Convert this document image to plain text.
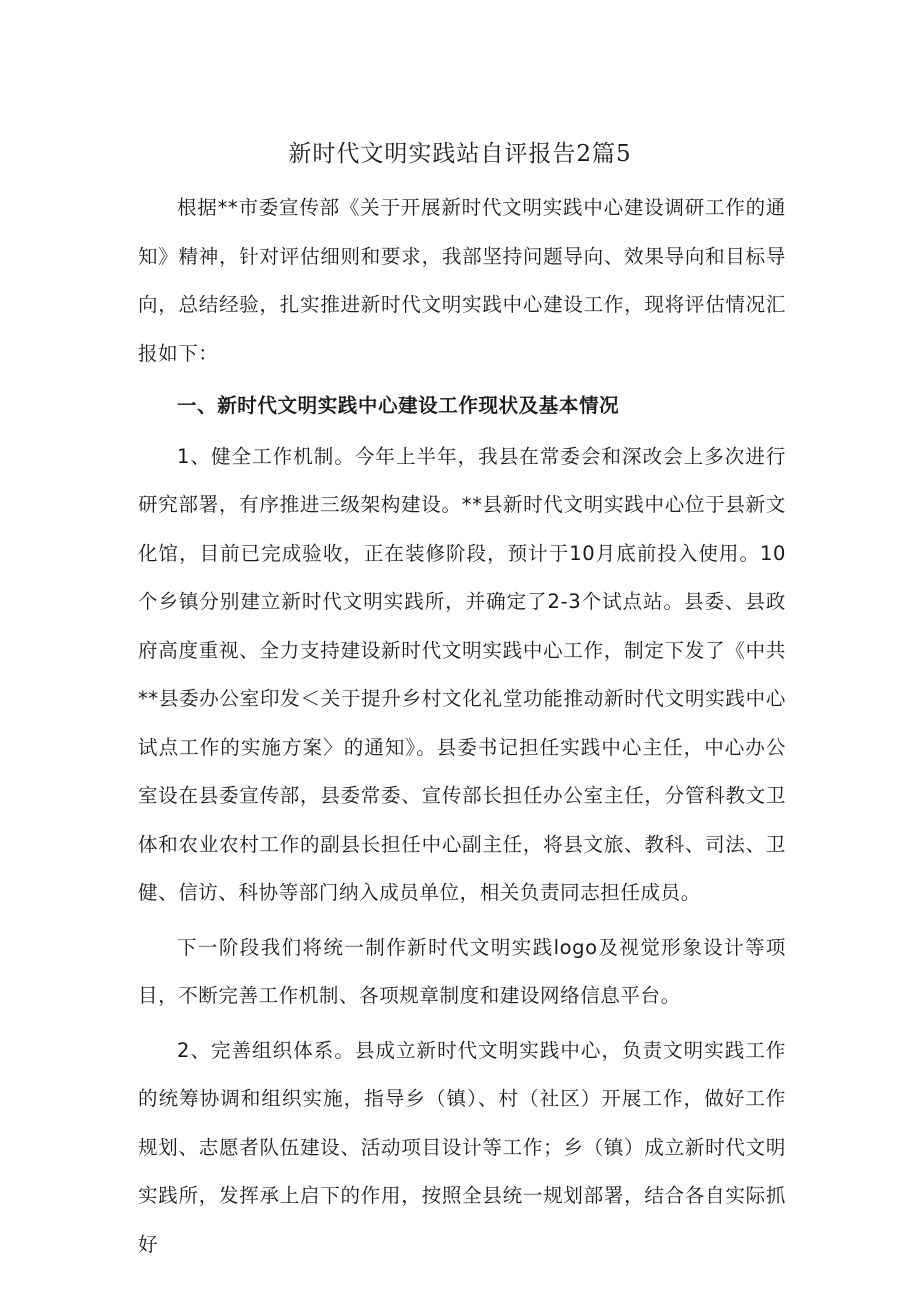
新时代文明实践站自评报告2篇5

根据**市委宣传部《关于开展新时代文明实践中心建设调研工作的通知》精神，针对评估细则和要求，我部坚持问题导向、效果导向和目标导向，总结经验，扎实推进新时代文明实践中心建设工作，现将评估情况汇报如下：

一、新时代文明实践中心建设工作现状及基本情况

1、健全工作机制。今年上半年，我县在常委会和深改会上多次进行研究部署，有序推进三级架构建设。**县新时代文明实践中心位于县新文化馆，目前已完成验收，正在装修阶段，预计于10月底前投入使用。10个乡镇分别建立新时代文明实践所，并确定了2-3个试点站。县委、县政府高度重视、全力支持建设新时代文明实践中心工作，制定下发了《中共**县委办公室印发＜关于提升乡村文化礼堂功能推动新时代文明实践中心试点工作的实施方案〉的通知》。县委书记担任实践中心主任，中心办公室设在县委宣传部，县委常委、宣传部长担任办公室主任，分管科教文卫体和农业农村工作的副县长担任中心副主任，将县文旅、教科、司法、卫健、信访、科协等部门纳入成员单位，相关负责同志担任成员。

下一阶段我们将统一制作新时代文明实践logo及视觉形象设计等项目，不断完善工作机制、各项规章制度和建设网络信息平台。

2、完善组织体系。县成立新时代文明实践中心，负责文明实践工作的统筹协调和组织实施，指导乡（镇）、村（社区）开展工作，做好工作规划、志愿者队伍建设、活动项目设计等工作；乡（镇）成立新时代文明实践所，发挥承上启下的作用，按照全县统一规划部署，结合各自实际抓好
